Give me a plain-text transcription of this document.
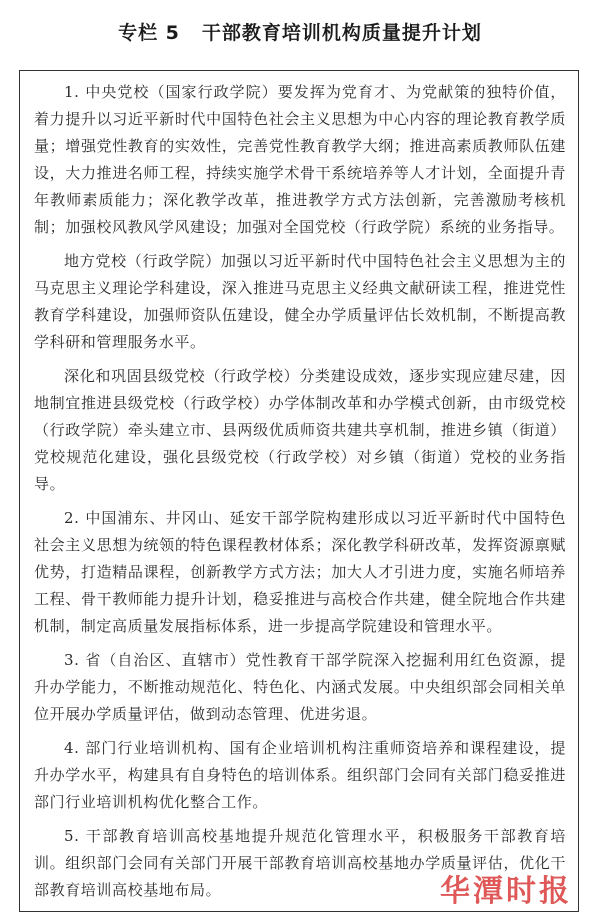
专栏 5 干部教育培训机构质量提升计划

1. 中央党校（国家行政学院）要发挥为党育才、为党献策的独特价值，着力提升以习近平新时代中国特色社会主义思想为中心内容的理论教育教学质量；增强党性教育的实效性，完善党性教育教学大纲；推进高素质教师队伍建设，大力推进名师工程，持续实施学术骨干系统培养等人才计划，全面提升青年教师素质能力；深化教学改革，推进教学方式方法创新，完善激励考核机制；加强校风教风学风建设；加强对全国党校（行政学院）系统的业务指导。

地方党校（行政学院）加强以习近平新时代中国特色社会主义思想为主的马克思主义理论学科建设，深入推进马克思主义经典文献研读工程，推进党性教育学科建设，加强师资队伍建设，健全办学质量评估长效机制，不断提高教学科研和管理服务水平。

深化和巩固县级党校（行政学校）分类建设成效，逐步实现应建尽建，因地制宜推进县级党校（行政学校）办学体制改革和办学模式创新，由市级党校（行政学院）牵头建立市、县两级优质师资共建共享机制，推进乡镇（街道）党校规范化建设，强化县级党校（行政学校）对乡镇（街道）党校的业务指导。

2. 中国浦东、井冈山、延安干部学院构建形成以习近平新时代中国特色社会主义思想为统领的特色课程教材体系；深化教学科研改革，发挥资源禀赋优势，打造精品课程，创新教学方式方法；加大人才引进力度，实施名师培养工程、骨干教师能力提升计划，稳妥推进与高校合作共建，健全院地合作共建机制，制定高质量发展指标体系，进一步提高学院建设和管理水平。

3. 省（自治区、直辖市）党性教育干部学院深入挖掘利用红色资源，提升办学能力，不断推动规范化、特色化、内涵式发展。中央组织部会同相关单位开展办学质量评估，做到动态管理、优进劣退。

4. 部门行业培训机构、国有企业培训机构注重师资培养和课程建设，提升办学水平，构建具有自身特色的培训体系。组织部门会同有关部门稳妥推进部门行业培训机构优化整合工作。

5. 干部教育培训高校基地提升规范化管理水平，积极服务干部教育培训。组织部门会同有关部门开展干部教育培训高校基地办学质量评估，优化干部教育培训高校基地布局。	华潭时报
